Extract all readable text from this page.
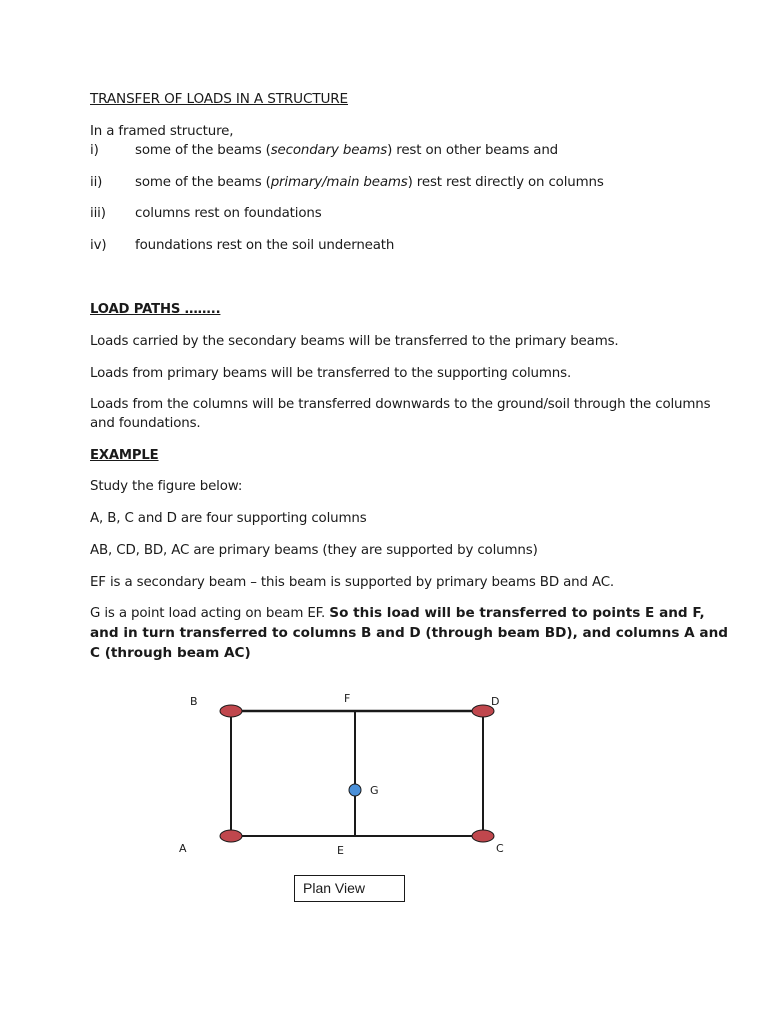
TRANSFER OF LOADS IN A STRUCTURE
In a framed structure,
i)	some of the beams (secondary beams) rest on other beams and
ii)	some of the beams (primary/main beams) rest rest directly on columns
iii)	columns rest on foundations
iv)	foundations rest on the soil underneath
LOAD PATHS ……..
Loads carried by the secondary beams will be transferred to the primary beams.
Loads from primary beams will be transferred to the supporting columns.
Loads from the columns will be transferred downwards to the ground/soil through the columns
and foundations.
EXAMPLE
Study the figure below:
A, B, C and D are four supporting columns
AB, CD, BD, AC are primary beams (they are supported by columns)
EF is a secondary beam – this beam is supported by primary beams BD and AC.
G is a point load acting on beam EF. So this load will be transferred to points E and F,
and in turn transferred to columns B and D (through beam BD), and columns A and
C (through beam AC)
B	F	D
G
A	E	C
Plan View
